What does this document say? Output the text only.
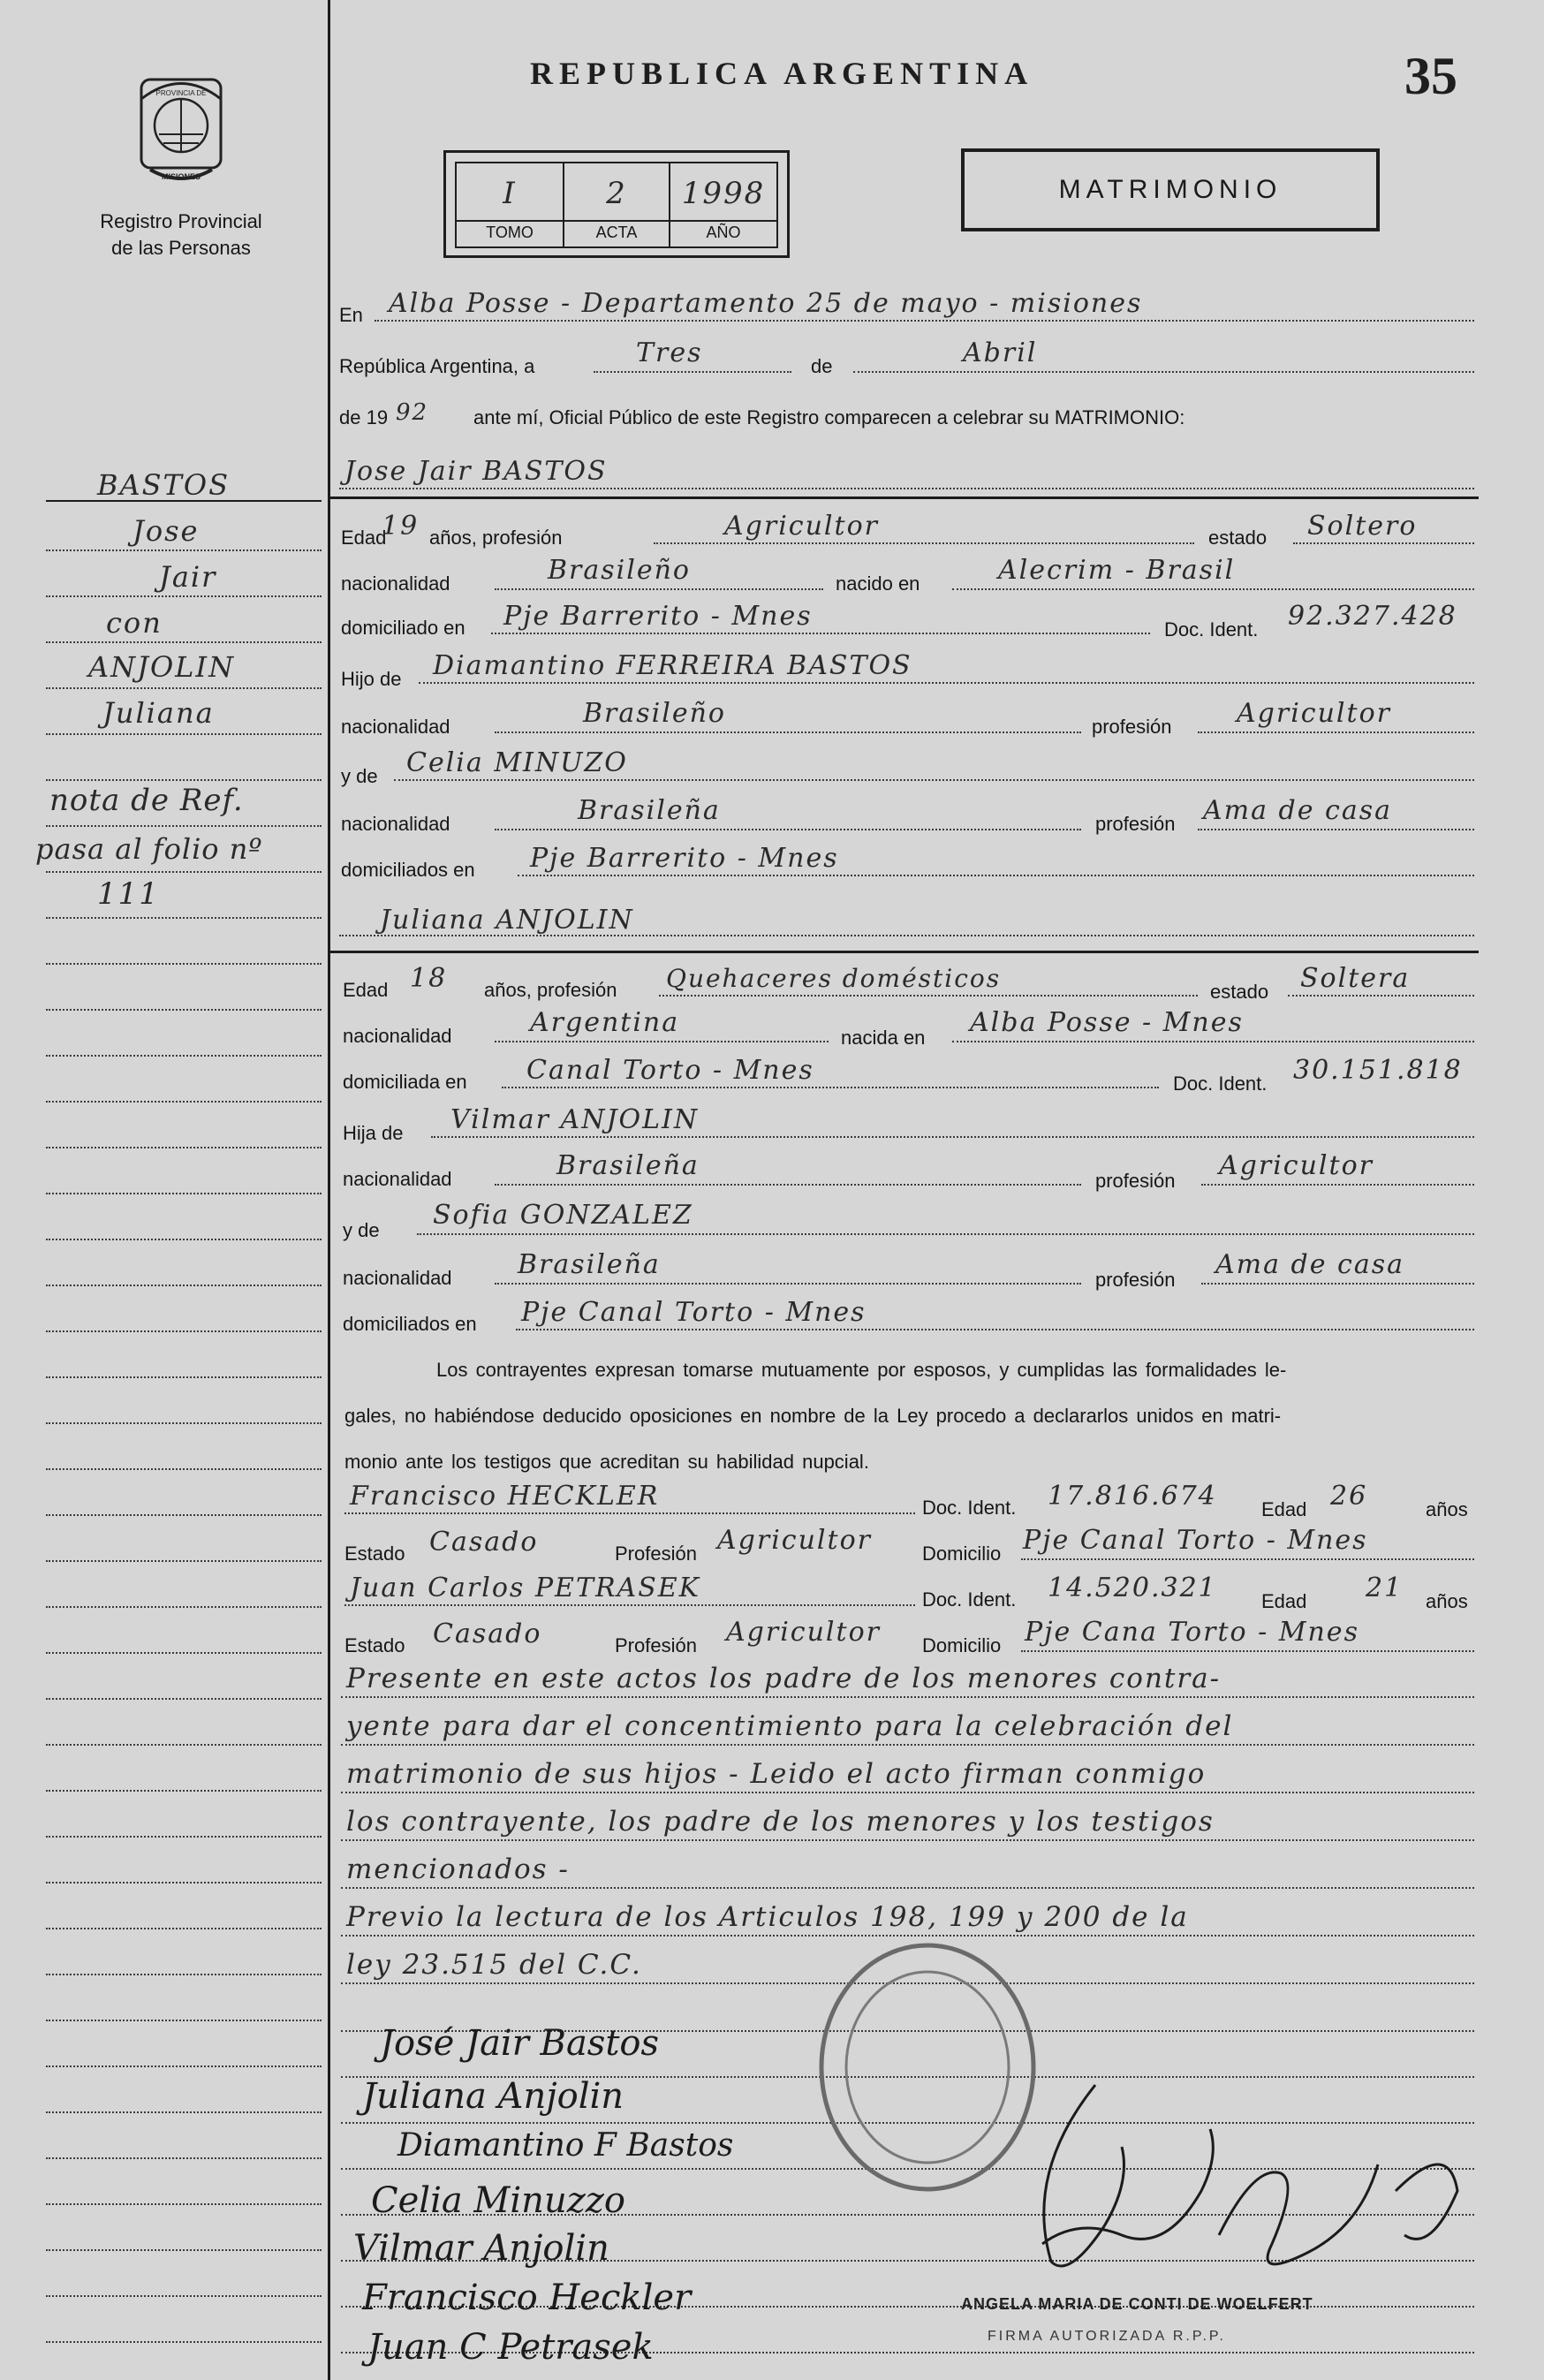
PROVINCIA DE
MISIONES
Registro Provincial
de las Personas
REPUBLICA ARGENTINA	35
I	2	1998
TOMO	ACTA	AÑO
MATRIMONIO
En Alba Posse - Departamento 25 de mayo - misiones
República Argentina, a	Tres	de	Abril
de 19 92 ante mí, Oficial Público de este Registro comparecen a celebrar su MATRIMONIO:
Jose Jair BASTOS
Edad
19 años, profesión	Agricultor	estado Soltero
nacionalidad	Brasileño	nacido en	Alecrim - Brasil
domiciliado en Pje Barrerito - Mnes	Doc. Ident. 92.327.428
Hijo de Diamantino FERREIRA BASTOS
nacionalidad	Brasileño	profesión Agricultor
y de Celia MINUZO
nacionalidad	Brasileña	profesión Ama de casa
domiciliados en Pje Barrerito - Mnes
Juliana ANJOLIN
Edad 18 años, profesión Quehaceres domésticos	estado Soltera
nacionalidad	Argentina	nacida en Alba Posse - Mnes
domiciliada en Canal Torto - Mnes	Doc. Ident. 30.151.818
Hija de Vilmar ANJOLIN
nacionalidad	Brasileña	profesión Agricultor
y de Sofia GONZALEZ
nacionalidad Brasileña	profesión Ama de casa
domiciliados en Pje Canal Torto - Mnes
Los contrayentes expresan tomarse mutuamente por esposos, y cumplidas las formalidades le-
gales, no habiéndose deducido oposiciones en nombre de la Ley procedo a declararlos unidos en matri-
monio ante los testigos que acreditan su habilidad nupcial.
Francisco HECKLER	Doc. Ident. 17.816.674 Edad 26	años
Estado Casado	Profesión Agricultor	Domicilio Pje Canal Torto - Mnes
Juan Carlos PETRASEK	Doc. Ident. 14.520.321 Edad 21 años
Estado Casado	Profesión Agricultor Domicilio Pje Cana Torto - Mnes
Presente en este actos los padre de los menores contra-
yente para dar el concentimiento para la celebración del
matrimonio de sus hijos - Leido el acto firman conmigo
los contrayente, los padre de los menores y los testigos
mencionados -
Previo la lectura de los Articulos 198, 199 y 200 de la
ley 23.515 del C.C.
José Jair Bastos
Juliana Anjolin
Diamantino F Bastos
Celia Minuzzo
Vilmar Anjolin
Francisco Heckler
Juan C Petrasek
ANGELA MARIA DE CONTI DE WOELFERT
FIRMA AUTORIZADA R.P.P.
BASTOS
Jose
Jair
con
ANJOLIN
Juliana
nota de Ref.
pasa al folio nº
111
